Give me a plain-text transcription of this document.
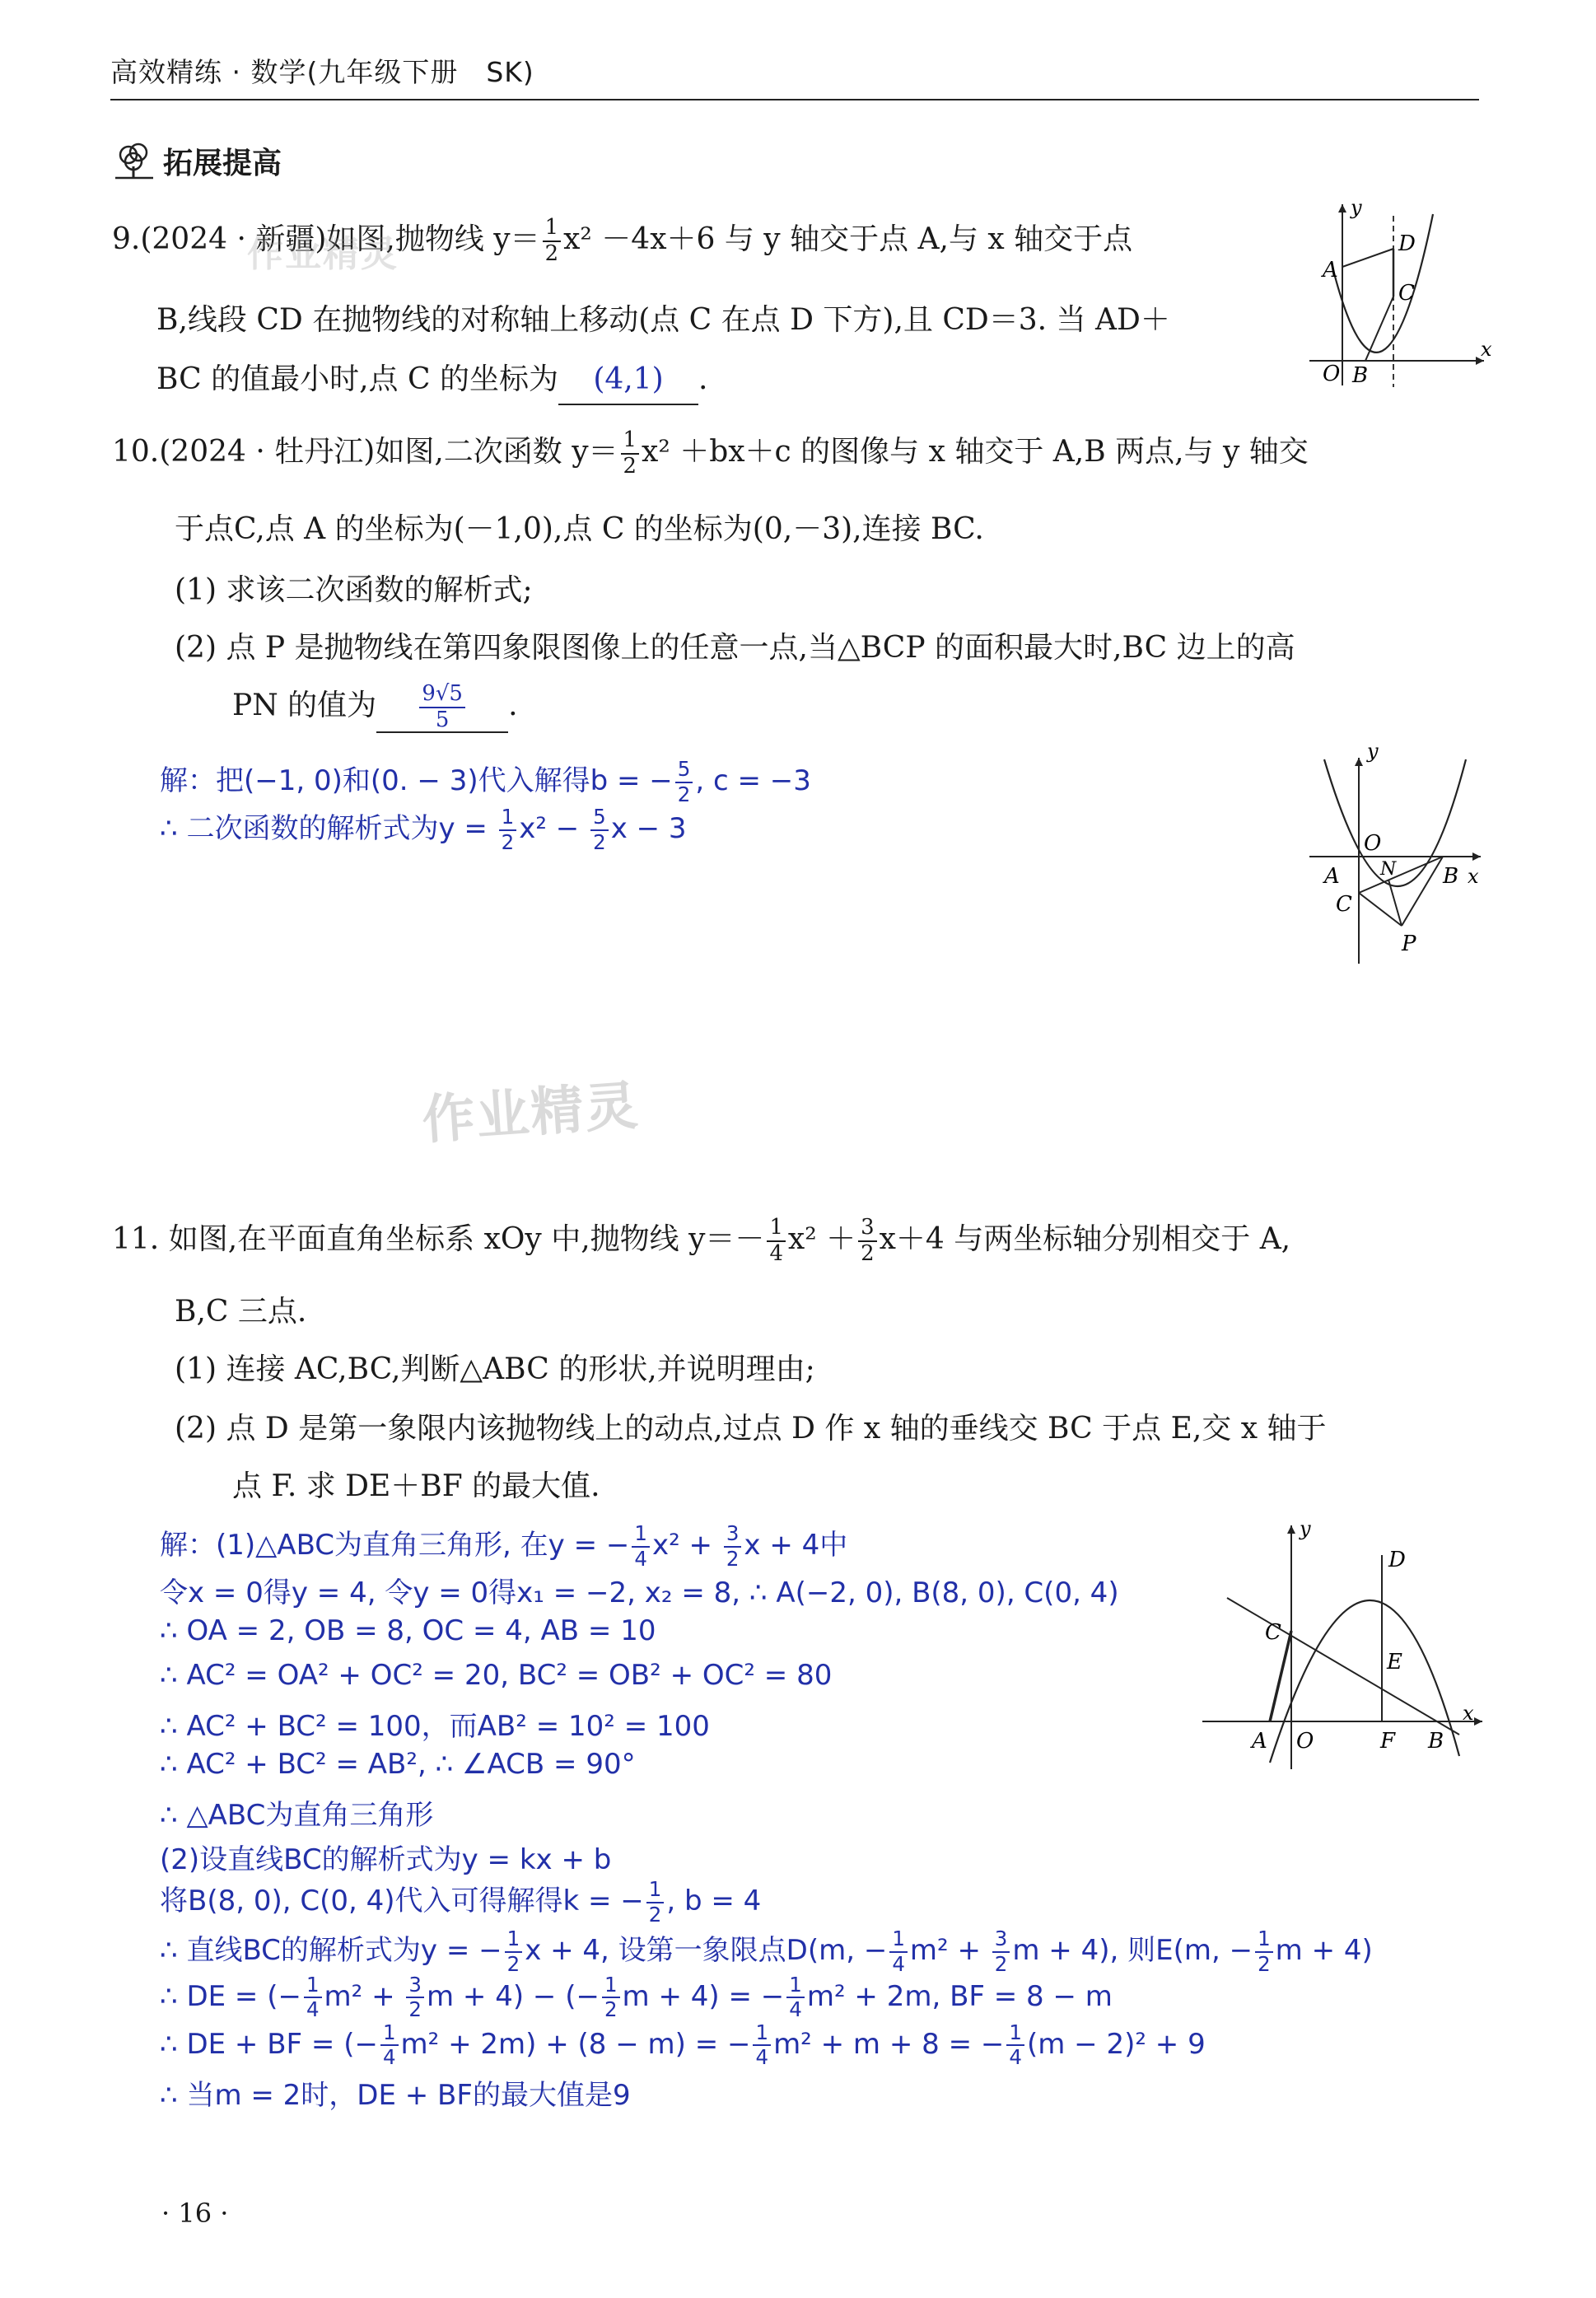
高效精练 · 数学(九年级下册　SK)
拓展提高
9.(2024 · 新疆)如图,抛物线 $y= \frac{1}{2} x^2 -4x+6$ 与 y 轴交于点 A,与 x 轴交于点
B,线段 CD 在抛物线的对称轴上移动(点 C 在点 D 下方),且 CD＝3. 当 AD＋
BC 的值最小时,点 C 的坐标为 (4,1) .
y
x
A
D
C
O B
10.(2024 · 牡丹江)如图,二次函数 $y= \frac{1}{2} x^2 +bx+c$ 的图像与 x 轴交于 A,B 两点,与 y 轴交
于点C,点 A 的坐标为(－1,0),点 C 的坐标为(0,－3),连接 BC.
(1) 求该二次函数的解析式;
(2) 点 P 是抛物线在第四象限图像上的任意一点,当△BCP 的面积最大时,BC 边上的高
PN 的值为 $\frac{9√5}{5}$ .
解：把(−1, 0)和(0. − 3)代入解得b = − $\frac{5}{2}$ , c = −3
∴ 二次函数的解析式为$y = \frac{1}{2} x^2 - \frac{5}{2}$ x − 3
y
x
A
O
N B
C
P
作业精灵
作业精灵
11. 如图,在平面直角坐标系 xOy 中,抛物线 $y=- \frac{1}{4} x^2 + \frac{3}{2} x+4$ 与两坐标轴分别相交于 A,
B,C 三点.
(1) 连接 AC,BC,判断△ABC 的形状,并说明理由;
(2) 点 D 是第一象限内该抛物线上的动点,过点 D 作 x 轴的垂线交 BC 于点 E,交 x 轴于
点 F. 求 DE＋BF 的最大值.
解：(1)△ABC为直角三角形, 在y = − $\frac{1}{4} x^2 + \frac{3}{2}$ x + 4中
令x = 0得y = 4, 令y = 0得x₁ = −2, x₂ = 8, ∴ A(−2, 0), B(8, 0), C(0, 4)
∴ OA = 2, OB = 8, OC = 4, AB = 10
∴ AC² = OA² + OC² = 20, BC² = OB² + OC² = 80
∴ AC² + BC² = 100，而AB² = 10² = 100
∴ AC² + BC² = AB², ∴ ∠ACB = 90°
∴ △ABC为直角三角形
(2)设直线BC的解析式为y = kx + b
将B(8, 0), C(0, 4)代入可得解得k = − $\frac{1}{2}$ , b = 4
∴ 直线BC的解析式为y = − $\frac{1}{2}$ x + 4, 设第一象限点D(m, − $\frac{1}{4} m^2 + \frac{3}{2}$ m + 4), 则E(m, − $\frac{1}{2}$ m + 4)
∴ DE = (− $\frac{1}{4} m^2 + \frac{3}{2}$ m + 4) − (− $\frac{1}{2}$ m + 4) = − $\frac{1}{4} m^2 + 2m$, BF = 8 − m
∴ DE + BF = (− $\frac{1}{4} m^2 + 2m) + (8 - m)$ = − $\frac{1}{4} m^2 + m + 8$ = − $\frac{1}{4} (m - 2)^2 + 9$
∴ 当m = 2时，DE + BF的最大值是9
y
x
D
C
E
A O	F B
· 16 ·
